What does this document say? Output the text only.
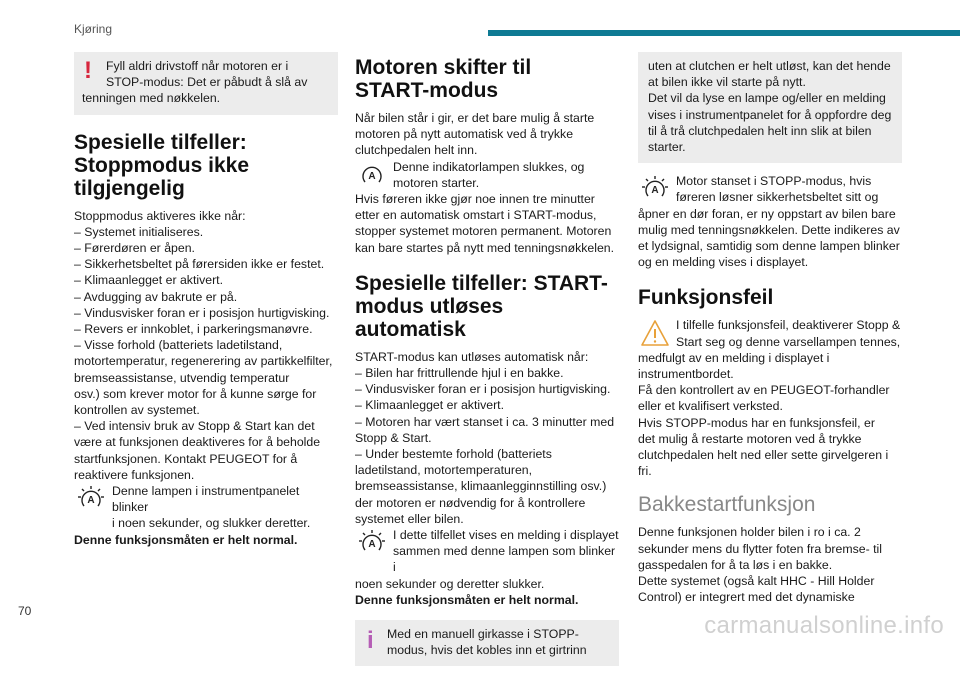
Kjøring
! Fyll aldri drivstoff når motoren er i

STOP-modus: Det er påbudt å slå av

tenningen med nøkkelen.

Spesielle tilfeller:
Stoppmodus ikke
tilgjengelig

Stoppmodus aktiveres ikke når:

– Systemet initialiseres.

– Førerdøren er åpen.

– Sikkerhetsbeltet på førersiden ikke er festet.

– Klimaanlegget er aktivert.

– Avdugging av bakrute er på.

– Vindusvisker foran er i posisjon hurtigvisking.

– Revers er innkoblet, i parkeringsmanøvre.

– Visse forhold (batteriets ladetilstand,

motortemperatur, regenerering av partikkelfilter,

bremseassistanse, utvendig temperatur

osv.) som krever motor for å kunne sørge for

kontrollen av systemet.

– Ved intensiv bruk av Stopp & Start kan det

være at funksjonen deaktiveres for å beholde

startfunksjonen. Kontakt PEUGEOT for å

reaktivere funksjonen.

A

Denne lampen i instrumentpanelet blinker

i noen sekunder, og slukker deretter.

Denne funksjonsmåten er helt normal.

Motoren skifter til
START-modus

Når bilen står i gir, er det bare mulig å starte

motoren på nytt automatisk ved å trykke

clutchpedalen helt inn.

A

Denne indikatorlampen slukkes, og

motoren starter.

Hvis føreren ikke gjør noe innen tre minutter

etter en automatisk omstart i START-modus,

stopper systemet motoren permanent. Motoren

kan bare startes på nytt med tenningsnøkkelen.

Spesielle tilfeller: START-
modus utløses automatisk

START-modus kan utløses automatisk når:

– Bilen har frittrullende hjul i en bakke.

– Vindusvisker foran er i posisjon hurtigvisking.

– Klimaanlegget er aktivert.

– Motoren har vært stanset i ca. 3 minutter med

Stopp & Start.

– Under bestemte forhold (batteriets

ladetilstand, motortemperaturen,

bremseassistanse, klimaanlegginnstilling osv.)

der motoren er nødvendig for å kontrollere

systemet eller bilen.

A

I dette tilfellet vises en melding i displayet

sammen med denne lampen som blinker i

noen sekunder og deretter slukker.

Denne funksjonsmåten er helt normal.

i Med en manuell girkasse i STOPP-

modus, hvis det kobles inn et girtrinn

uten at clutchen er helt utløst, kan det hende

at bilen ikke vil starte på nytt.

Det vil da lyse en lampe og/eller en melding

vises i instrumentpanelet for å oppfordre deg

til å trå clutchpedalen helt inn slik at bilen

starter.

A

Motor stanset i STOPP-modus, hvis

føreren løsner sikkerhetsbeltet sitt og

åpner en dør foran, er ny oppstart av bilen bare

mulig med tenningsnøkkelen. Dette indikeres av

et lydsignal, samtidig som denne lampen blinker

og en melding vises i displayet.

Funksjonsfeil

I tilfelle funksjonsfeil, deaktiverer Stopp &

Start seg og denne varsellampen tennes,

medfulgt av en melding i displayet i

instrumentbordet.

Få den kontrollert av en PEUGEOT-forhandler

eller et kvalifisert verksted.

Hvis STOPP-modus har en funksjonsfeil, er

det mulig å restarte motoren ved å trykke

clutchpedalen helt ned eller sette girvelgeren i fri.

Bakkestartfunksjon

Denne funksjonen holder bilen i ro i ca. 2

sekunder mens du flytter foten fra bremse- til

gasspedalen for å ta løs i en bakke.

Dette systemet (også kalt HHC - Hill Holder

Control) er integrert med det dynamiske

70
carmanualsonline.info
